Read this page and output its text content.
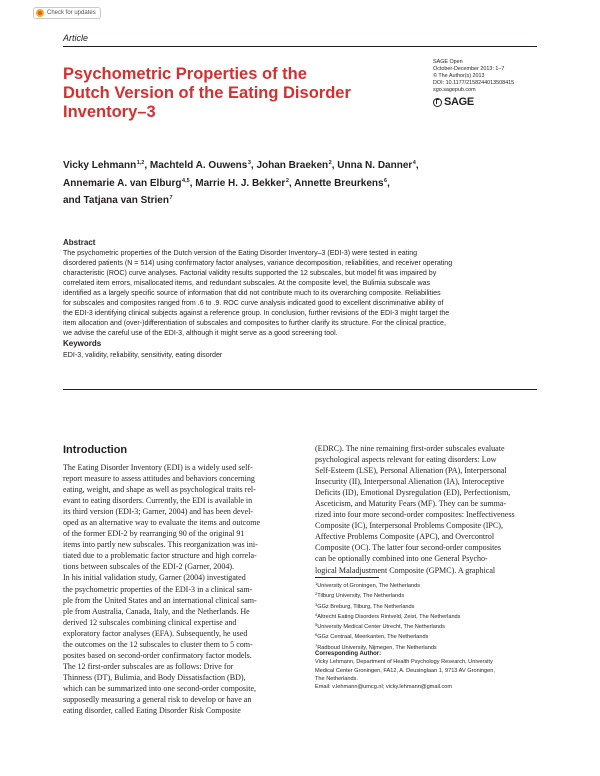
Check for updates
Article
Psychometric Properties of the
Dutch Version of the Eating Disorder
Inventory–3
SAGE Open
October-December 2013: 1–7
© The Author(s) 2013
DOI: 10.1177/2158244013508415
sgo.sagepub.com
SAGE
Vicky Lehmann$^{1,2}$, Machteld A. Ouwens$^3$, Johan Braeken$^2$, Unna N. Danner$^4$,
Annemarie A. van Elburg$^{4,5}$, Marrie H. J. Bekker$^2$, Annette Breurkens$^6$,
and Tatjana van Strien$^7$
Abstract
The psychometric properties of the Dutch version of the Eating Disorder Inventory–3 (EDI-3) were tested in eating
disordered patients (N = 514) using confirmatory factor analyses, variance decomposition, reliabilities, and receiver operating
characteristic (ROC) curve analyses. Factorial validity results supported the 12 subscales, but model fit was impaired by
correlated item errors, misallocated items, and redundant subscales. At the composite level, the Bulimia subscale was
identified as a largely specific source of information that did not contribute much to its overarching composite. Reliabilities
for subscales and composites ranged from .6 to .9. ROC curve analysis indicated good to excellent discriminative ability of
the EDI-3 identifying clinical subjects against a reference group. In conclusion, further revisions of the EDI-3 might target the
item allocation and (over-)differentiation of subscales and composites to further clarify its structure. For the clinical practice,
we advise the careful use of the EDI-3, although it might serve as a good screening tool.
Keywords
EDI-3, validity, reliability, sensitivity, eating disorder
Introduction
The Eating Disorder Inventory (EDI) is a widely used self-
report measure to assess attitudes and behaviors concerning
eating, weight, and shape as well as psychological traits rel-
evant to eating disorders. Currently, the EDI is available in
its third version (EDI-3; Garner, 2004) and has been devel-
oped as an alternative way to evaluate the items and outcome
of the former EDI-2 by rearranging 90 of the original 91
items into partly new subscales. This reorganization was ini-
tiated due to a problematic factor structure and high correla-
tions between subscales of the EDI-2 (Garner, 2004).
In his initial validation study, Garner (2004) investigated
the psychometric properties of the EDI-3 in a clinical sam-
ple from the United States and an international clinical sam-
ple from Australia, Canada, Italy, and the Netherlands. He
derived 12 subscales combining clinical expertise and
exploratory factor analyses (EFA). Subsequently, he used
the outcomes on the 12 subscales to cluster them to 5 com-
posites based on second-order confirmatory factor models.
The 12 first-order subscales are as follows: Drive for
Thinness (DT), Bulimia, and Body Dissatisfaction (BD),
which can be summarized into one second-order composite,
supposedly measuring a general risk to develop or have an
eating disorder, called Eating Disorder Risk Composite
(EDRC). The nine remaining first-order subscales evaluate
psychological aspects relevant for eating disorders: Low
Self-Esteem (LSE), Personal Alienation (PA), Interpersonal
Insecurity (II), Interpersonal Alienation (IA), Interoceptive
Deficits (ID), Emotional Dysregulation (ED), Perfectionism,
Asceticism, and Maturity Fears (MF). They can be summa-
rized into four more second-order composites: Ineffectiveness
Composite (IC), Interpersonal Problems Composite (IPC),
Affective Problems Composite (APC), and Overcontrol
Composite (OC). The latter four second-order composites
can be optionally combined into one General Psycho-
logical Maladjustment Composite (GPMC). A graphical
$^1$University of Groningen, The Netherlands
$^2$Tilburg University, The Netherlands
$^3$GGz Breburg, Tilburg, The Netherlands
$^4$Altrecht Eating Disorders Rintveld, Zeist, The Netherlands
$^5$University Medical Center Utrecht, The Netherlands
$^6$GGz Centraal, Meerkanten, The Netherlands
$^7$Radboud University, Nijmegen, The Netherlands
Corresponding Author:
Vicky Lehmann, Department of Health Psychology Research, University
Medical Center Groningen, FA12, A. Deusinglaan 1, 9713 AV Groningen,
The Netherlands.
Email: v.lehmann@umcg.nl; vicky.lehmann@gmail.com
